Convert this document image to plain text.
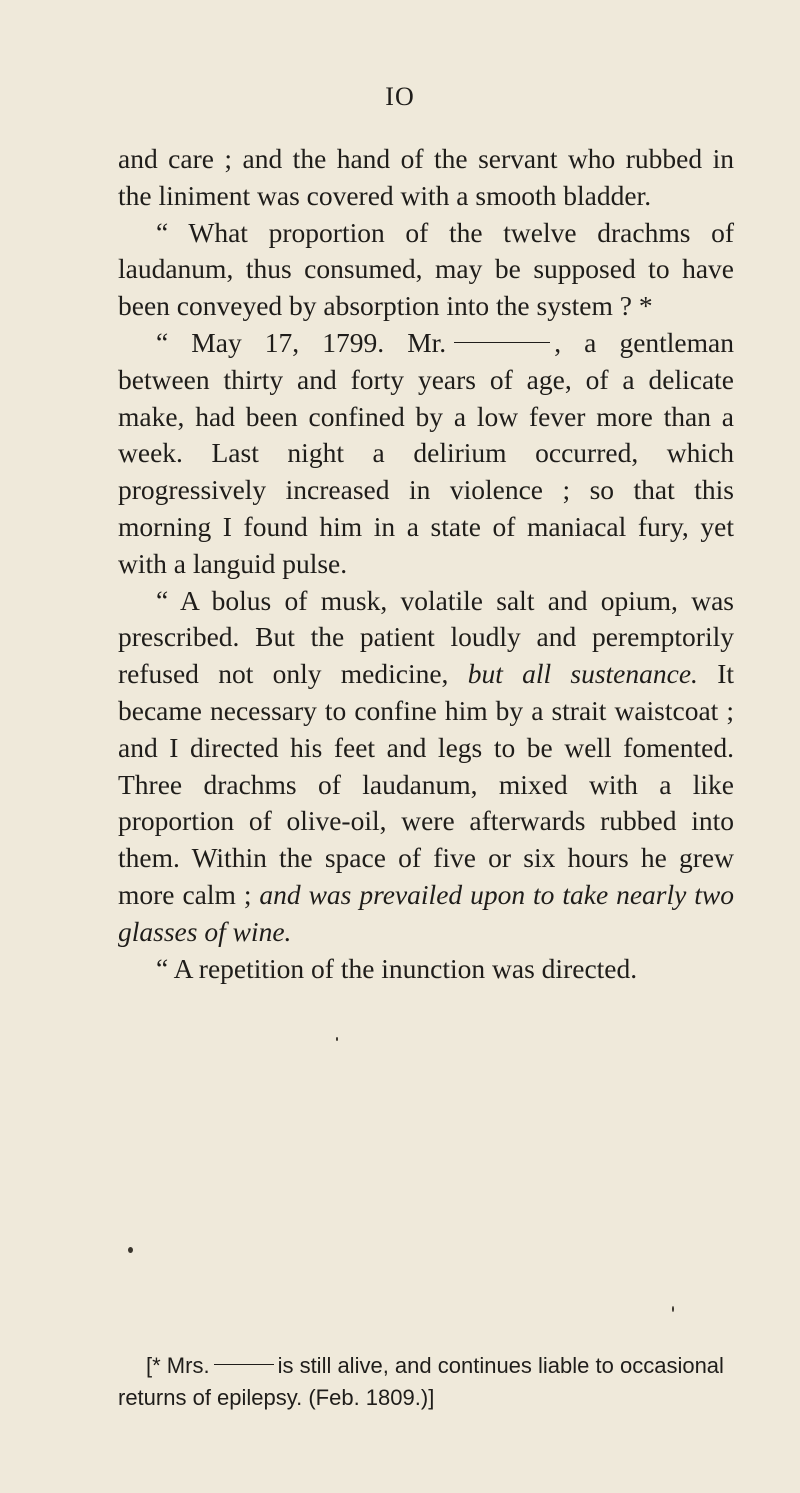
IO

and care ; and the hand of the servant who rubbed in the liniment was covered with a smooth bladder.

“ What proportion of the twelve drachms of laudanum, thus consumed, may be supposed to have been conveyed by absorption into the system ? *

“ May 17, 1799. Mr.	, a gentleman between thirty and forty years of age, of a delicate make, had been confined by a low fever more than a week. Last night a delirium occurred, which progressively increased in violence ; so that this morning I found him in a state of maniacal fury, yet with a languid pulse.

“ A bolus of musk, volatile salt and opium, was prescribed. But the patient loudly and peremptorily refused not only medicine, but all sustenance. It became necessary to confine him by a strait waistcoat ; and I directed his feet and legs to be well fomented. Three drachms of laudanum, mixed with a like proportion of olive-oil, were afterwards rubbed into them. Within the space of five or six hours he grew more calm ; and was prevailed upon to take nearly two glasses of wine.

“ A repetition of the inunction was directed.

[* Mrs.	is still alive, and continues liable to occasional returns of epilepsy. (Feb. 1809.)]
